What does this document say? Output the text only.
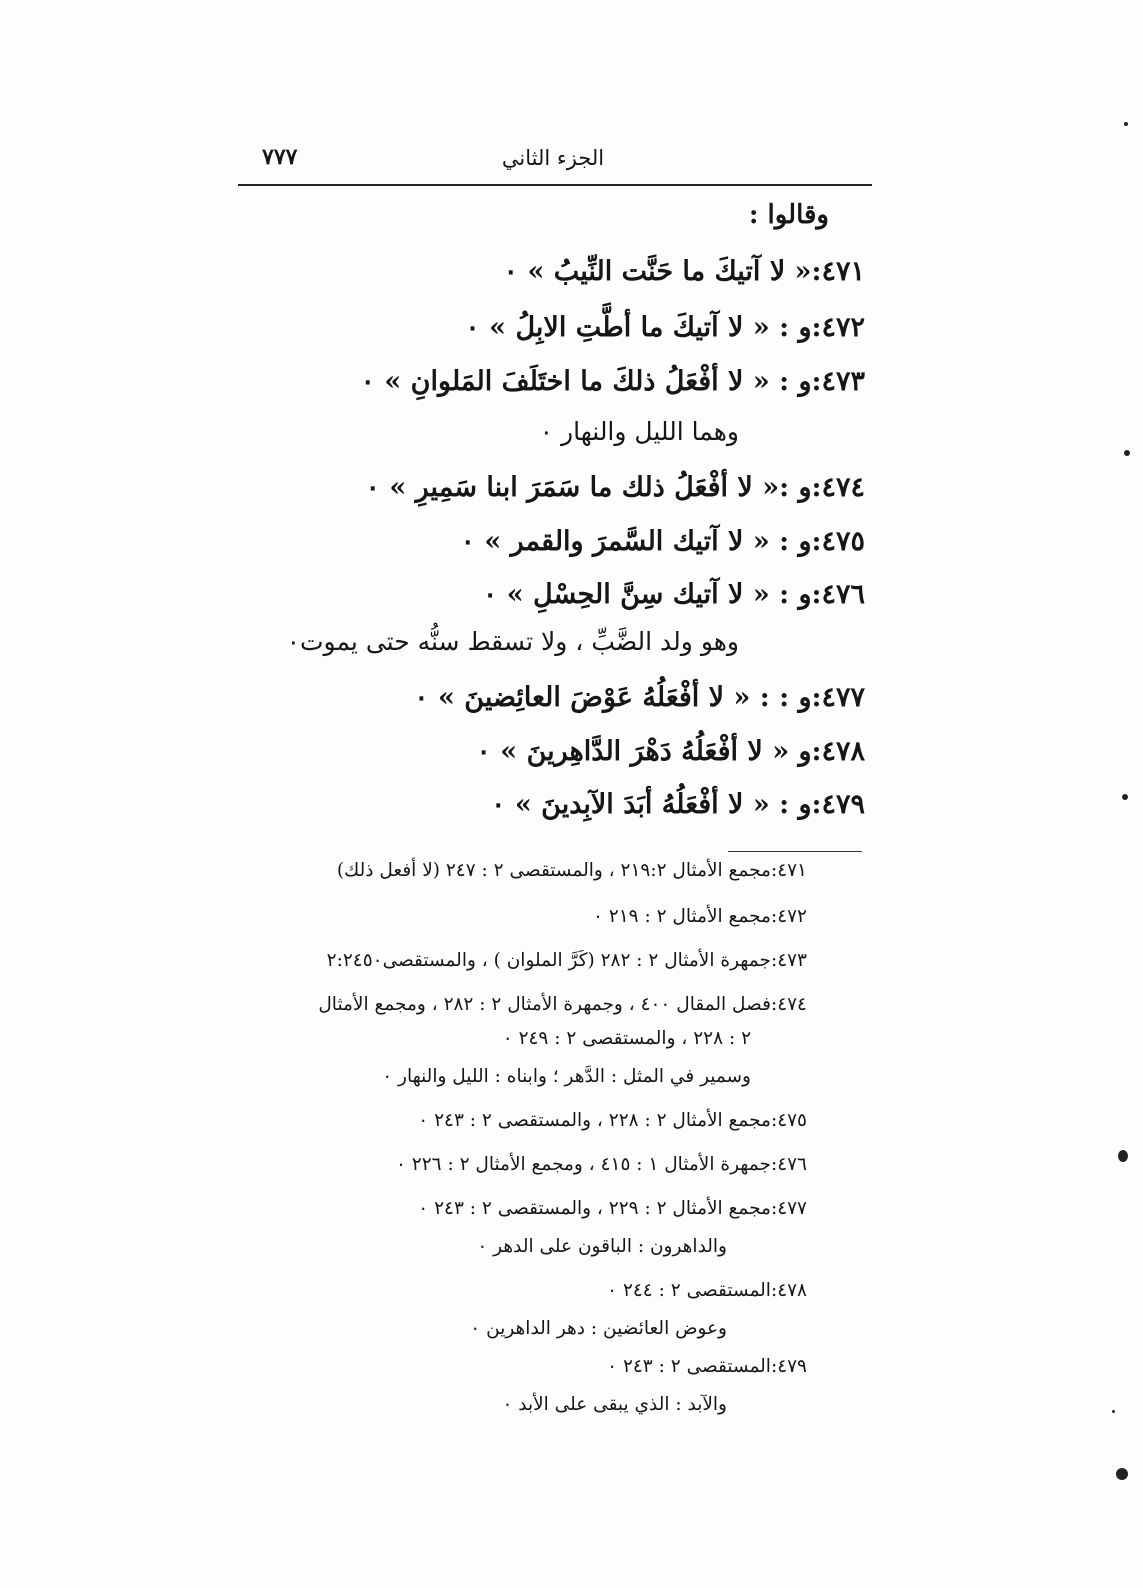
٧٧٧	الجزء الثاني
وقالوا :
٤٧١:« لا آتيكَ ما حَنَّت النِّيبُ » ٠
٤٧٢:و : « لا آتيكَ ما أطَّتِ الابِلُ » ٠
٤٧٣:و : « لا أفْعَلُ ذلكَ ما اختَلَفَ المَلوانِ » ٠
وهما الليل والنهار ٠
٤٧٤:و :« لا أفْعَلُ ذلك ما سَمَرَ ابنا سَمِيرِ » ٠
٤٧٥:و : « لا آتيك السَّمرَ والقمر » ٠
٤٧٦:و : « لا آتيك سِنَّ الحِسْلِ » ٠
وهو ولد الضَّبِّ ، ولا تسقط سنُّه حتى يموت٠
٤٧٧:و : : « لا أفْعَلُهُ عَوْضَ العائِضينَ » ٠
٤٧٨:و « لا أفْعَلُهُ دَهْرَ الدَّاهِرينَ » ٠
٤٧٩:و : « لا أفْعَلُهُ أبَدَ الآبِدينَ » ٠
٤٧١:مجمع الأمثال ٢١٩:٢ ، والمستقصى ٢ : ٢٤٧ (لا أفعل ذلك)
٤٧٢:مجمع الأمثال ٢ : ٢١٩ ٠
٤٧٣:جمهرة الأمثال ٢ : ٢٨٢ (كَرَّ الملوان ) ، والمستقصى٢:٢٤٥٠
٤٧٤:فصل المقال ٤٠٠ ، وجمهرة الأمثال ٢ : ٢٨٢ ، ومجمع الأمثال
٢ : ٢٢٨ ، والمستقصى ٢ : ٢٤٩ ٠
وسمير في المثل : الدَّهر ؛ وابناه : الليل والنهار ٠
٤٧٥:مجمع الأمثال ٢ : ٢٢٨ ، والمستقصى ٢ : ٢٤٣ ٠
٤٧٦:جمهرة الأمثال ١ : ٤١٥ ، ومجمع الأمثال ٢ : ٢٢٦ ٠
٤٧٧:مجمع الأمثال ٢ : ٢٢٩ ، والمستقصى ٢ : ٢٤٣ ٠
والداهرون : الباقون على الدهر ٠
٤٧٨:المستقصى ٢ : ٢٤٤ ٠
وعوض العائضين : دهر الداهرين ٠
٤٧٩:المستقصى ٢ : ٢٤٣ ٠
والآبد : الذي يبقى على الأبد ٠
